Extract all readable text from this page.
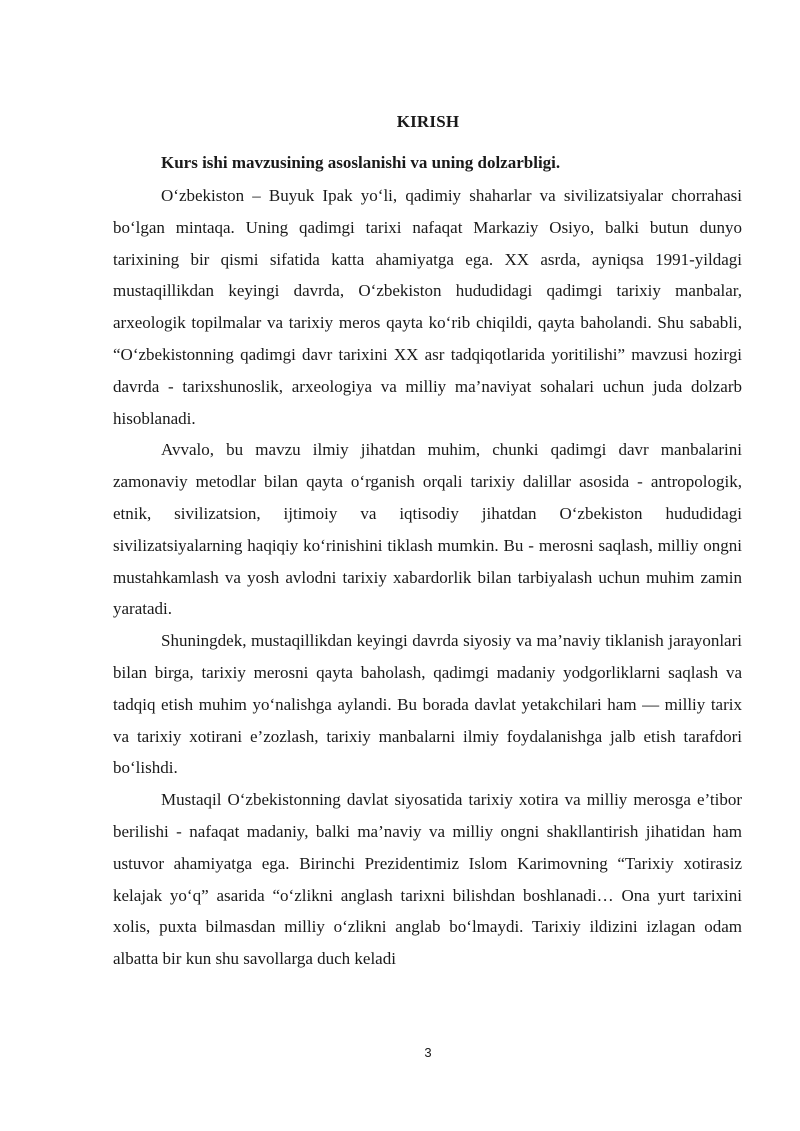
KIRISH
Kurs ishi mavzusining asoslanishi va uning dolzarbligi.

O‘zbekiston – Buyuk Ipak yo‘li, qadimiy shaharlar va sivilizatsiyalar chorrahasi bo‘lgan mintaqa. Uning qadimgi tarixi nafaqat Markaziy Osiyo, balki butun dunyo tarixining bir qismi sifatida katta ahamiyatga ega. XX asrda, ayniqsa 1991-yildagi mustaqillikdan keyingi davrda, O‘zbekiston hududidagi qadimgi tarixiy manbalar, arxeologik topilmalar va tarixiy meros qayta ko‘rib chiqildi, qayta baholandi. Shu sababli, “O‘zbekistonning qadimgi davr tarixini XX asr tadqiqotlarida yoritilishi” mavzusi hozirgi davrda - tarixshunoslik, arxeologiya va milliy ma’naviyat sohalari uchun juda dolzarb hisoblanadi.

Avvalo, bu mavzu ilmiy jihatdan muhim, chunki qadimgi davr manbalarini zamonaviy metodlar bilan qayta o‘rganish orqali tarixiy dalillar asosida - antropologik, etnik, sivilizatsion, ijtimoiy va iqtisodiy jihatdan O‘zbekiston hududidagi sivilizatsiyalarning haqiqiy ko‘rinishini tiklash mumkin. Bu - merosni saqlash, milliy ongni mustahkamlash va yosh avlodni tarixiy xabardorlik bilan tarbiyalash uchun muhim zamin yaratadi.

Shuningdek, mustaqillikdan keyingi davrda siyosiy va ma’naviy tiklanish jarayonlari bilan birga, tarixiy merosni qayta baholash, qadimgi madaniy yodgorliklarni saqlash va tadqiq etish muhim yo‘nalishga aylandi. Bu borada davlat yetakchilari ham — milliy tarix va tarixiy xotirani e’zozlash, tarixiy manbalarni ilmiy foydalanishga jalb etish tarafdori bo‘lishdi.

Mustaqil O‘zbekistonning davlat siyosatida tarixiy xotira va milliy merosga e’tibor berilishi - nafaqat madaniy, balki ma’naviy va milliy ongni shakllantirish jihatidan ham ustuvor ahamiyatga ega. Birinchi Prezidentimiz Islom Karimovning “Tarixiy xotirasiz kelajak yo‘q” asarida “o‘zlikni anglash tarixni bilishdan boshlanadi… Ona yurt tarixini xolis, puxta bilmasdan milliy o‘zlikni anglab bo‘lmaydi. Tarixiy ildizini izlagan odam albatta bir kun shu savollarga duch keladi

3
